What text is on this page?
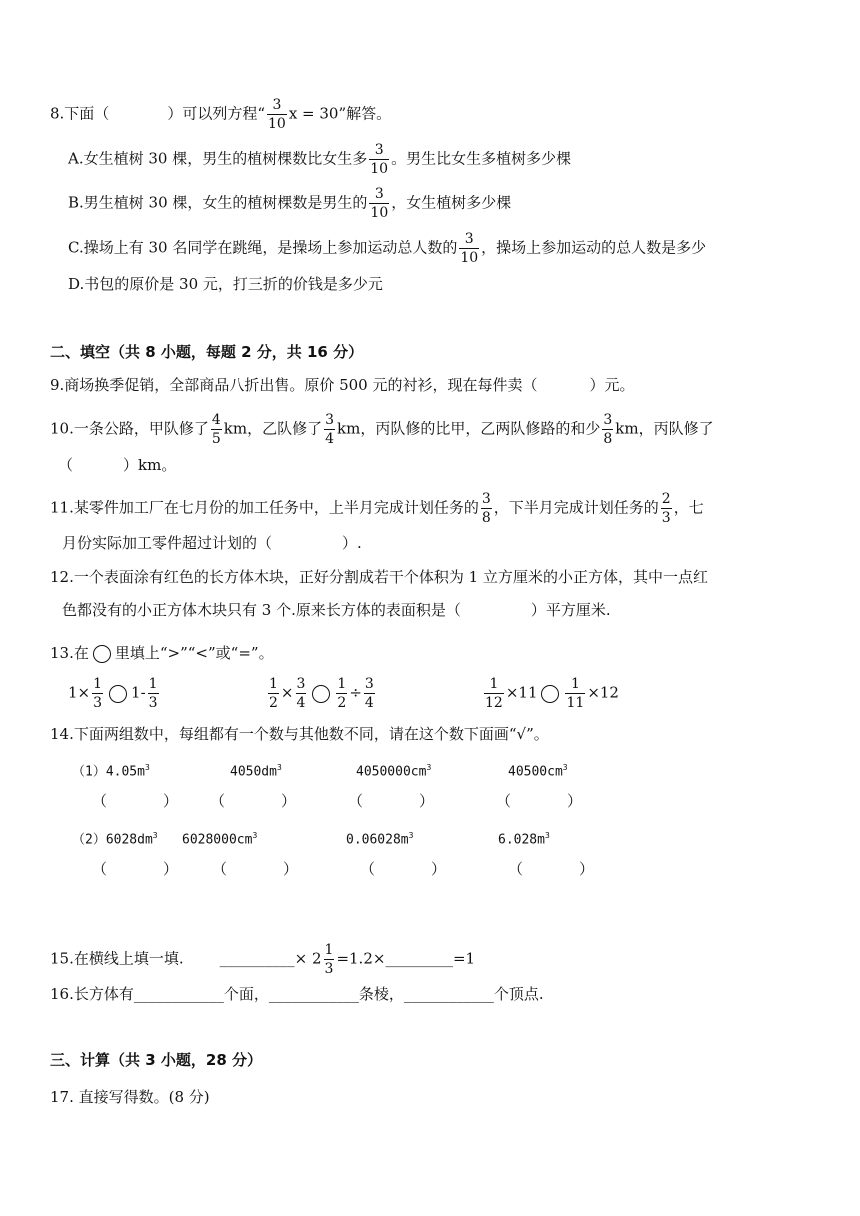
8.下面（	）可以列方程“ $\frac{3}{10}$ x = 30”解答。
A.女生植树 30 棵，男生的植树棵数比女生多 $\frac{3}{10}$ 。男生比女生多植树多少棵
B.男生植树 30 棵，女生的植树棵数是男生的 $\frac{3}{10}$ ，女生植树多少棵
C.操场上有 30 名同学在跳绳，是操场上参加运动总人数的 $\frac{3}{10}$ ，操场上参加运动的总人数是多少
D.书包的原价是 30 元，打三折的价钱是多少元
二、填空（共 8 小题，每题 2 分，共 16 分）
9.商场换季促销，全部商品八折出售。原价 500 元的衬衫，现在每件卖（	）元。
10.一条公路，甲队修了 $\frac{4}{5}$ km，乙队修了 $\frac{3}{4}$ km，丙队修的比甲，乙两队修路的和少 $\frac{3}{8}$ km，丙队修了
（	）km。
11.某零件加工厂在七月份的加工任务中，上半月完成计划任务的 $\frac{3}{8}$ ，下半月完成计划任务的 $\frac{2}{3}$ ，七
月份实际加工零件超过计划的（	）.
12.一个表面涂有红色的长方体木块，正好分割成若干个体积为 1 立方厘米的小正方体，其中一点红
色都没有的小正方体木块只有 3 个.原来长方体的表面积是（	）平方厘米.
13.在 里填上“>”“<”或“=”。
$1\times \frac{1}{3} 1- \frac{1}{3}$	$\frac{1}{2} \times \frac{3}{4} \frac{1}{2} \div \frac{3}{4}$	$\frac{1}{12} \times 11 \frac{1}{11} \times 12$
14.下面两组数中，每组都有一个数与其他数不同，请在这个数下面画“√”。
$(1)4.05m^3$	$4050dm^3$	$4050000cm^3$	$40500cm^3$
（	） （	）	（	）	（	）
$(2)6028dm^3$ $6028000cm^3$	$0.06028m^3$	$6.028m^3$
（	） （	）	（	）	（	）
15.在横线上填一填. __________× $2 \frac{1}{3}$ =1.2×_________=1
16.长方体有____________个面，____________条棱，____________个顶点.
三、计算（共 3 小题，28 分）
17. 直接写得数。(8 分)
